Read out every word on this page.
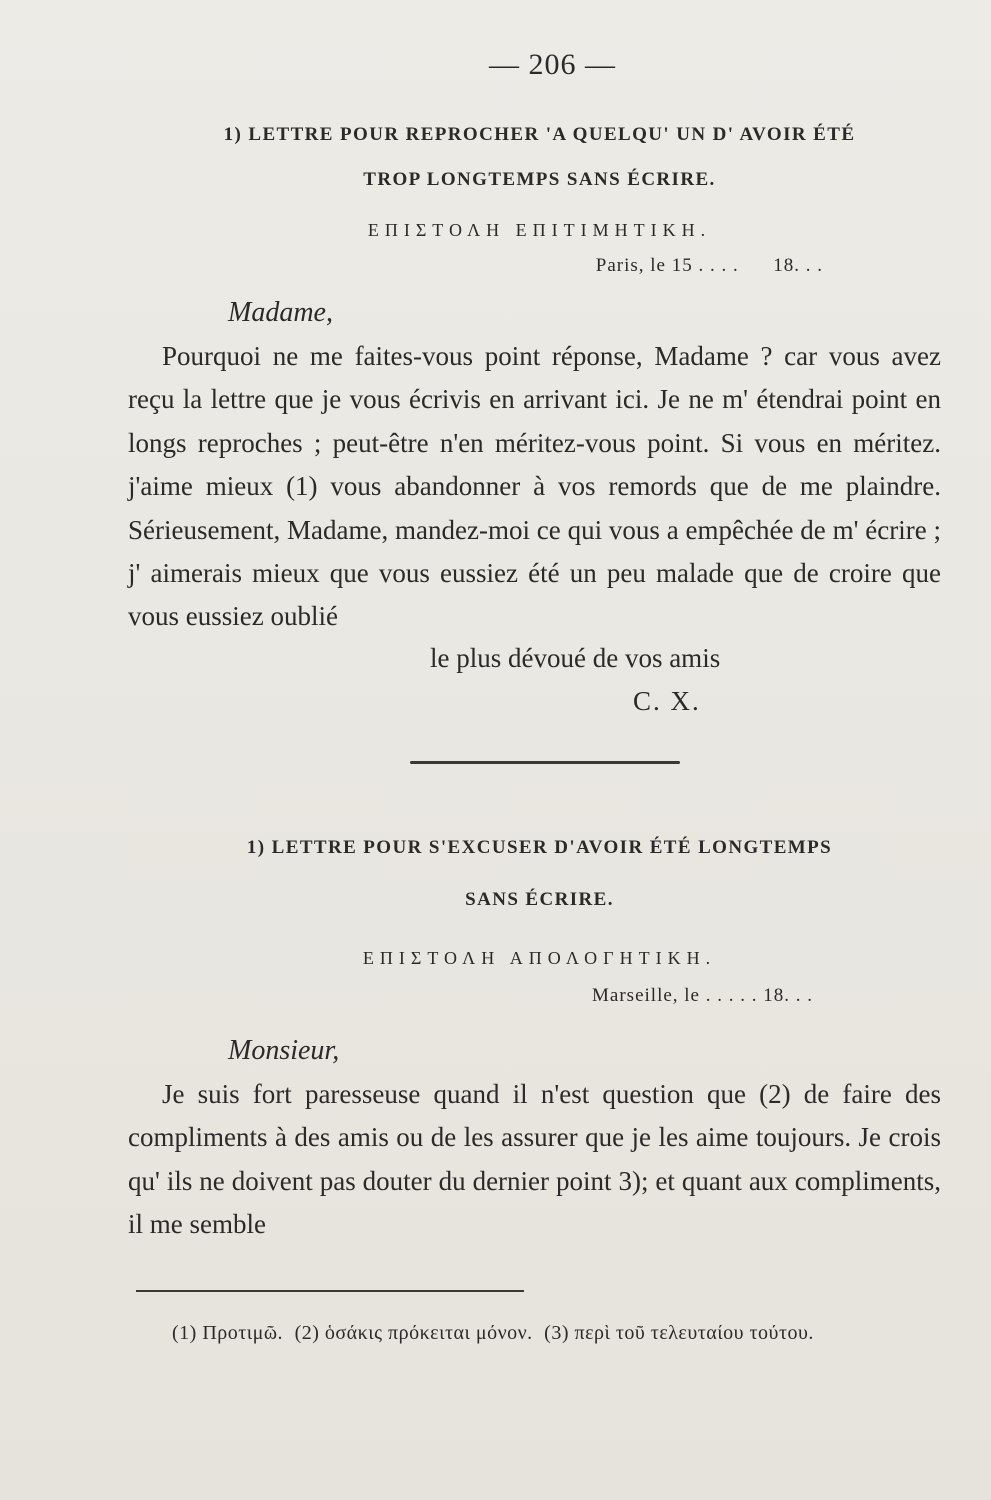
— 206 —
1) LETTRE POUR REPROCHER 'A QUELQU' UN D' AVOIR ÉTÉ
TROP LONGTEMPS SANS ÉCRIRE.
ΕΠΙΣΤΟΛΗ ΕΠΙΤΙΜΗΤΙΚΗ.
Paris, le 15 . . . .      18. . .
Madame,

Pourquoi ne me faites-vous point réponse, Madame ? car vous avez reçu la lettre que je vous écrivis en arrivant ici. Je ne m' étendrai point en longs reproches ; peut-être n'en méritez-vous point. Si vous en méritez. j'aime mieux (1) vous abandonner à vos remords que de me plaindre. Sérieusement, Madame, mandez-moi ce qui vous a empêchée de m' écrire ; j' aimerais mieux que vous eussiez été un peu malade que de croire que vous eussiez oublié

le plus dévoué de vos amis
C. X.
1) LETTRE POUR S'EXCUSER D'AVOIR ÉTÉ LONGTEMPS
SANS ÉCRIRE.
ΕΠΙΣΤΟΛΗ ΑΠΟΛΟΓΗΤΙΚΗ.
Marseille, le . . . . . 18. . .
Monsieur,

Je suis fort paresseuse quand il n'est question que (2) de faire des compliments à des amis ou de les assurer que je les aime toujours. Je crois qu' ils ne doivent pas douter du dernier point 3); et quant aux compliments, il me semble

(1) Προτιμῶ. (2) ὁσάκις πρόκειται μόνον. (3) περὶ τοῦ τελευταίου τούτου.
